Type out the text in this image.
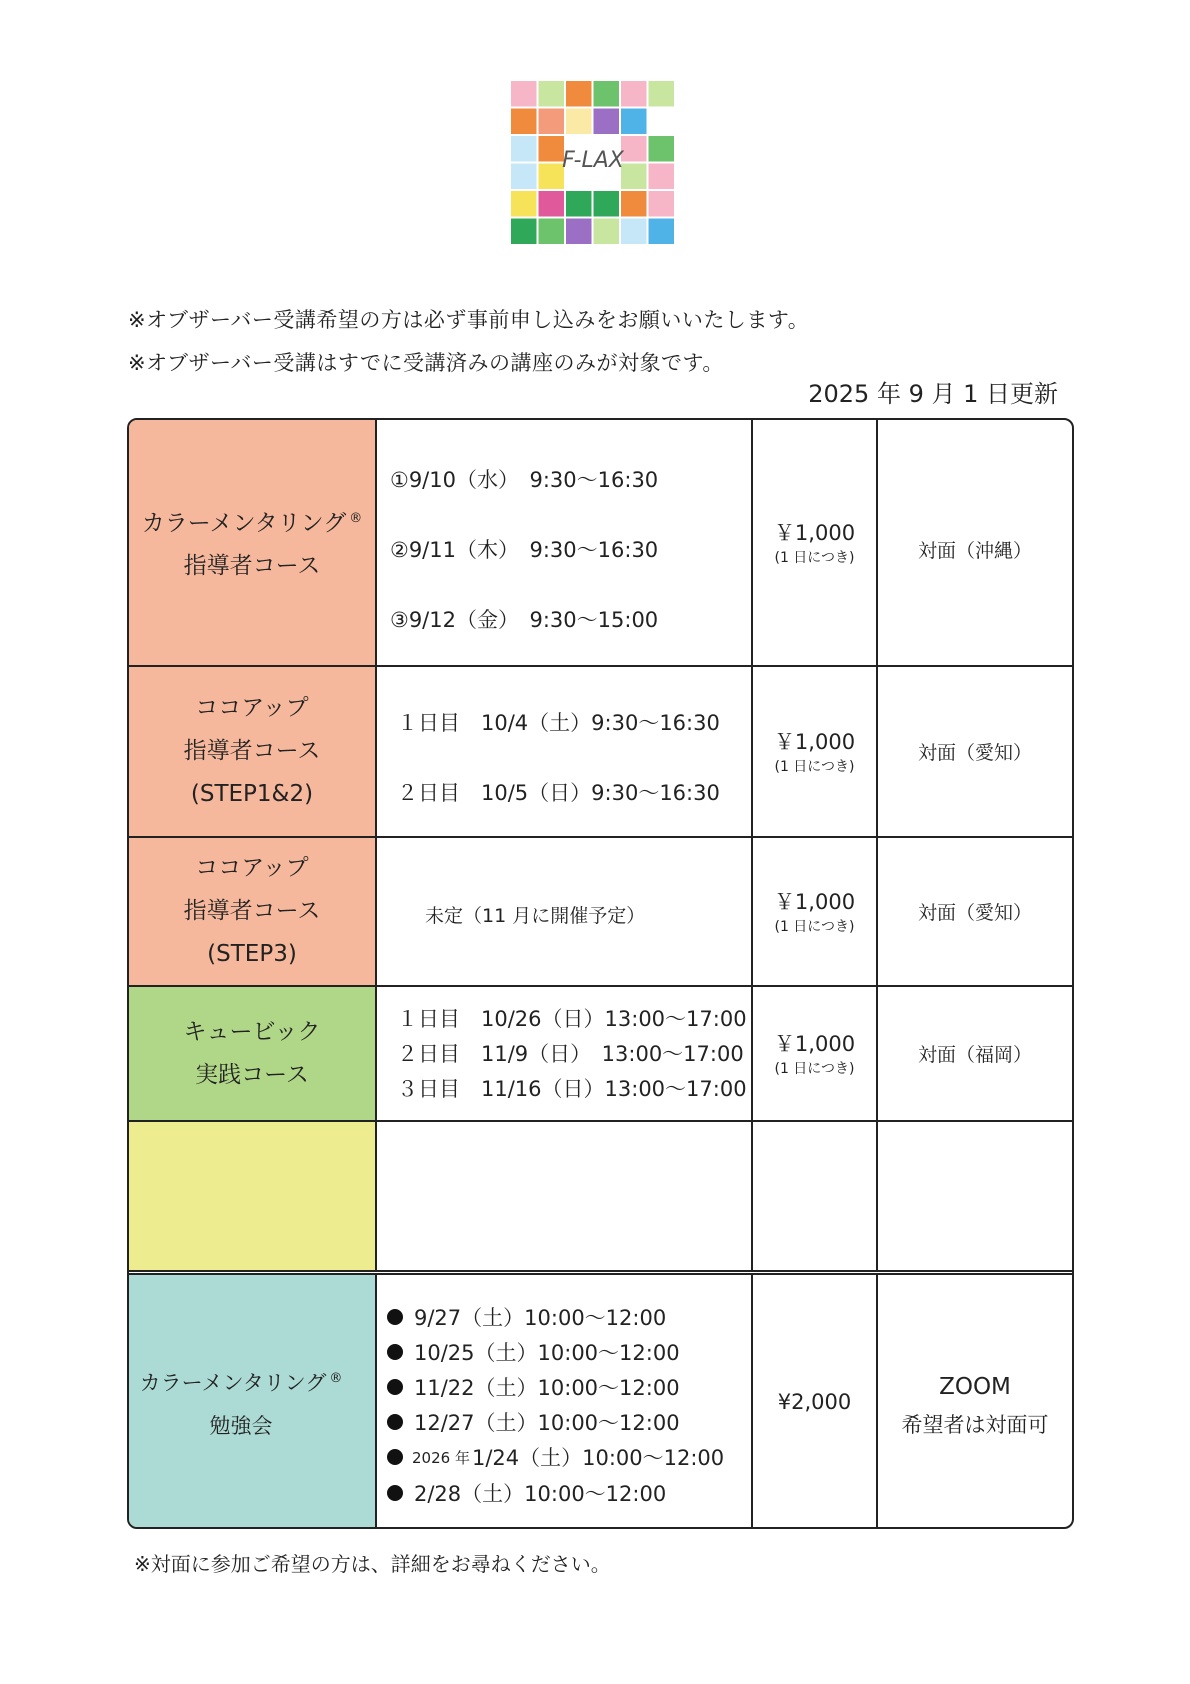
F-LAX
※オブザーバー受講希望の方は必ず事前申し込みをお願いいたします。
※オブザーバー受講はすでに受講済みの講座のみが対象です。
2025 年 9 月 1 日更新
カラーメンタリング ®
指導者コース
①9/10（水）　9:30〜16:30
②9/11（木）　9:30〜16:30
③9/12（金）　9:30〜15:00
￥1,000
(1 日につき)	対面（沖縄）
ココアップ
指導者コース
(STEP1&2)
１日目　10/4（土）9:30〜16:30
２日目　10/5（日）9:30〜16:30
￥1,000
(1 日につき)
対面（愛知）
ココアップ
指導者コース
(STEP3)
未定（11 月に開催予定）
￥1,000
(1 日につき)
対面（愛知）
キュービック
実践コース
１日目　10/26（日）13:00〜17:00
２日目　11/9（日）　13:00〜17:00
３日目　11/16（日）13:00〜17:00
￥1,000
(1 日につき)
対面（福岡）
カラーメンタリング ®
勉強会
9/27（土）10:00〜12:00
10/25（土）10:00〜12:00
11/22（土）10:00〜12:00
12/27（土）10:00〜12:00
2026 年 1/24（土）10:00〜12:00
2/28（土）10:00〜12:00
¥2,000
ZOOM
希望者は対面可
※対面に参加ご希望の方は、詳細をお尋ねください。
